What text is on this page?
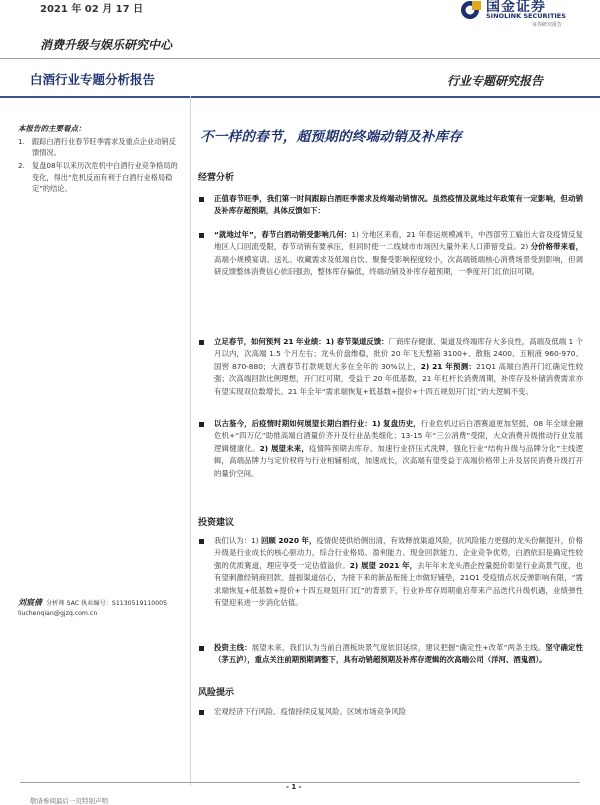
2021 年 02 月 17 日	国金证券
SINOLINK SECURITIES
证券研究报告
消费升级与娱乐研究中心
白酒行业专题分析报告	行业专题研究报告
本报告的主要看点：
1. 跟踪白酒行业春节旺季需求及重点企业动销反馈情况。
2. 复盘08年以来历次危机中白酒行业竞争格局的变化，得出“危机反而有利于白酒行业格局稳定”的结论。
刘宸倩 分析师 SAC 执业编号：S1130519110005
liuchenqian@gjzq.com.cn
不一样的春节，超预期的终端动销及补库存
经营分析
正值春节旺季，我们第一时间跟踪白酒旺季需求及终端动销情况。虽然疫情及就地过年政策有一定影响，但动销及补库存超预期，具体反馈如下：
“就地过年”，春节白酒动销受影响几何：1) 分地区来看，21 年春运规模减半，中西部劳工输出大省及疫情反复地区人口回流受限，春节动销有要承压，但同时使一二线城市市场因大量外来人口滞留受益。2) 分价格带来看，高端小规模宴请、送礼、收藏需求及低端自饮、聚餐受影响程度较小，次高端链端核心消费场景受到影响，但调研反馈整体消费信心依旧强劲，整体库存偏低，终端动销及补库存超预期，一季度开门红依旧可期。
立足春节，如何预判 21 年业绩：1) 春节渠道反馈：厂商库存健康、渠道及终端库存大多良性，高端及低端 1 个月以内，次高端 1.5 个月左右；龙头价盘维稳，批价 20 年飞天整箱 3100+、散瓶 2400、五粮液 960-970、国窖 870-880；大酒春节打款规划大多在全年的 30%以上，2) 21 年预测：21Q1 高端白酒开门红确定性较强；次高端回款比例理想，开门红可期，受益于 20 年低基数，21 年杠杆长消费周期，补库存及朴储消费需求亦有望实现双位数增长。21 年全年“需求端恢复+低基数+提价+十四五规划开门红”的大逻辑不变。
以古鉴今，后疫情时期如何展望长期白酒行业：1) 复盘历史，行业危机过后白酒赛道更加坚挺，08 年全球金融危机+“四万亿”助推高端白酒量价齐升及行业品类细化；13-15 年“三公消费”受限，大众消费升级推动行业发展逻辑健康化。2) 展望未来，疫情阵预期去库存、加速行业挤压式洗牌，强化行业“结构升级与品牌分化”主线逻辑，高端品牌力与定价权将与行业相辅相成，加速成长，次高端有望受益于高端价格带上升及居民消费升级打开的量价空间。
投资建议
我们认为：1) 回顾 2020 年，疫情促使供给侧出清，有效释放渠道风险，抗风险能力更强的龙头份额提升，价格升级是行业成长的核心驱动力，综合行业格局、盈利能力、现金回款能力、企业竞争优势，白酒依旧是确定性较强的优质赛道，理应享受一定估值溢价。2) 展望 2021 年，去年年末龙头酒企控量挺价彰显行业高景气度，也有望刺激经销商回款、提振渠道信心，为接下来的新品衔接上市做好铺垫，21Q1 受疫情点状反弹影响有限，“需求端恢复+低基数+提价+十四五规划开门红”的背景下，行业补库存周期重启带来产品迭代升级机遇，业绩弹性有望迎来进一步消化估值。
投资主线：展望未来，我们认为当前白酒板块景气度依旧延续，建议把握“确定性+改革”两条主线。坚守确定性（茅五泸），重点关注前期预期调整下，具有动销超预期及补库存逻辑的次高端公司（洋河、酒鬼酒）。
风险提示
宏观经济下行风险、疫情持续反复风险、区域市场竞争风险
- 1 -
敬请参阅最后一页特别声明
